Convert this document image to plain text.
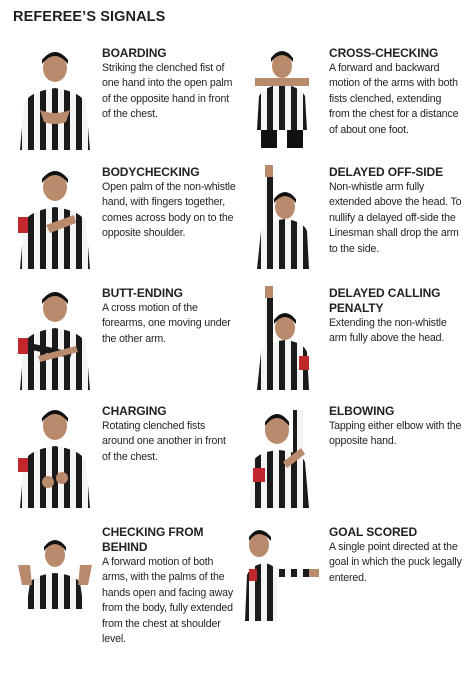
REFEREE’S SIGNALS
BOARDING
Striking the clenched fist of one hand into the open palm of the opposite hand in front of the chest.
BODYCHECKING
Open palm of the non-whistle hand, with fingers together, comes across body on to the opposite shoulder.
BUTT-ENDING
A cross motion of the forearms, one moving under the other arm.
CHARGING
Rotating clenched fists around one another in front of the chest.
CHECKING FROM BEHIND
A forward motion of both arms, with the palms of the hands open and facing away from the body, fully extended from the chest at shoulder level.
CROSS-CHECKING
A forward and backward motion of the arms with both fists clenched, extending from the chest for a distance of about one foot.
DELAYED OFF-SIDE
Non-whistle arm fully extended above the head. To nullify a delayed off-side the Linesman shall drop the arm to the side.
DELAYED CALLING PENALTY
Extending the non-whistle arm fully above the head.
ELBOWING
Tapping either elbow with the opposite hand.
GOAL SCORED
A single point directed at the goal in which the puck legally entered.
